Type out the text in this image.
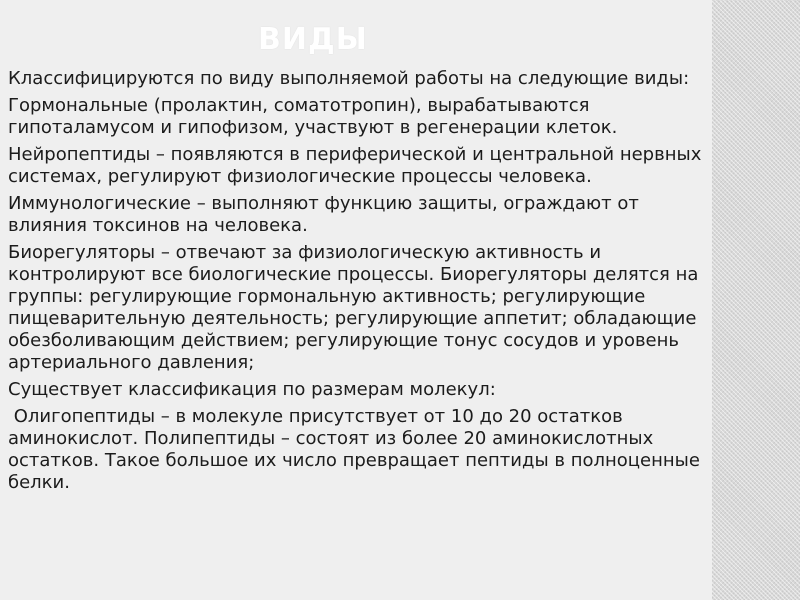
ВИДЫ

Классифицируются по виду выполняемой работы на следующие виды:

Гормональные (пролактин, соматотропин), вырабатываются гипоталамусом и гипофизом, участвуют в регенерации клеток.

Нейропептиды – появляются в периферической и центральной нервных системах, регулируют физиологические процессы человека.

Иммунологические – выполняют функцию защиты, ограждают от влияния токсинов на человека.

Биорегуляторы – отвечают за физиологическую активность и контролируют все биологические процессы. Биорегуляторы делятся на группы: регулирующие гормональную активность; регулирующие пищеварительную деятельность; регулирующие аппетит; обладающие обезболивающим действием; регулирующие тонус сосудов и уровень артериального давления;

Существует классификация по размерам молекул:

Олигопептиды – в молекуле присутствует от 10 до 20 остатков аминокислот. Полипептиды – состоят из более 20 аминокислотных остатков. Такое большое их число превращает пептиды в полноценные белки.
